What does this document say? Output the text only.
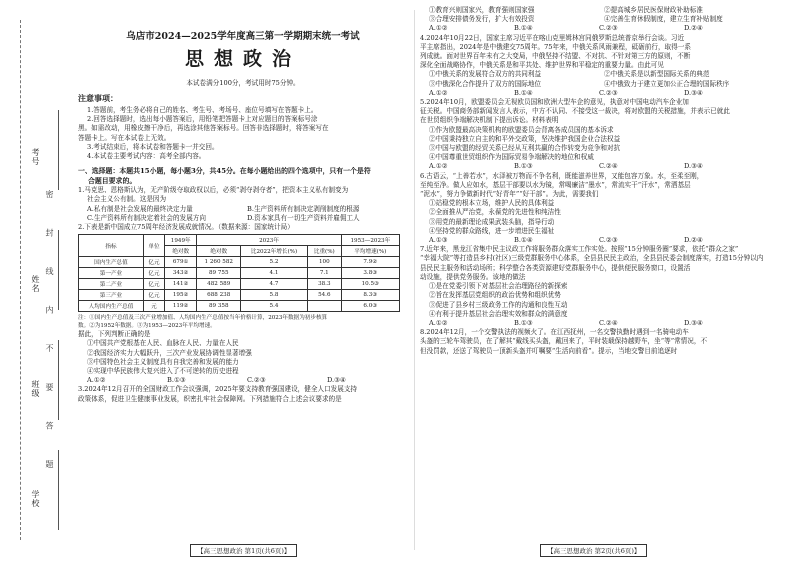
考号
姓名
班级
学校
密 封 线 内 不 要 答 题
乌店市2024—2025学年度高三第一学期期末统一考试
思想政治
本试卷满分100分，考试用时75分钟。
注意事项：

1.答题前，考生务必将自己的姓名、考生号、考场号、座位号填写在答题卡上。

2.回答选择题时，选出每小题答案后，用铅笔把答题卡上对应题目的答案标号涂

黑。如需改动，用橡皮擦干净后，再选涂其他答案标号。回答非选择题时，将答案写在

答题卡上。写在本试卷上无效。

3.考试结束后，将本试卷和答题卡一并交回。

4.本试卷主要考试内容：高考全部内容。

一、选择题：本题共15小题，每小题3分，共45分。在每小题给出的四个选项中，只有一个是符
合题目要求的。

1.马克思、恩格斯认为，无产阶级夺取政权以后，必须“剥夺剥夺者”，把资本主义私有制变为

社会主义公有制。这是因为

A.私有制是社会发展的最终决定力量	B.生产资料所有制决定剥削制度的根源

C.生产资料所有制决定着社会的发展方向	D.资本家具有一切生产资料并雇佣工人

2.下表是新中国成立75周年经济发展成就情况。（数据来源：国家统计局）

指标	单位	1949年	2023年			1953—2023年
		绝对数	绝对数	比2022年增长(%)	比重(%)	平均增速(%)
国内生产总值	亿元	679①	1 260 582	5.2	100	7.9②
第一产业	亿元	343②	89 755	4.1	7.1	3.8③
第二产业	亿元	141②	482 589	4.7	38.3	10.5③
第三产业	亿元	195②	688 238	5.8	54.6	8.3③
人均国内生产总值	元	119②	89 358	5.4		6.0③
注：①国内生产总值及三次产业增加值、人均国内生产总值按当年价格计算，2023年数据为初步核算
数。②为1952年数据。③为1953—2023年平均增速。

据此，下列判断正确的是

①中国共产党根基在人民、血脉在人民、力量在人民

②我国经济实力大幅跃升，三次产业发展协调性显著增强

③中国特色社会主义制度具有自我完善和发展的能力

④实现中华民族伟大复兴进入了不可逆转的历史进程

A.①②	B.①③	C.②③	D.③④

3.2024年12月召开的全国财政工作会议强调，2025年要支持教育强国建设，健全人口发展支持

政策体系，促进卫生健康事业发展，织密扎牢社会保障网。下列措施符合上述会议要求的是

【高三思想政治 第1页(共6页)】

①教育兴则国家兴，教育强则国家强	②提高城乡居民医保财政补助标准

③合理安排债务发行，扩大有效投资	④完善生育休假制度，建立生育补贴制度

A.①②	B.①④	C.②③	D.②④

4.2024年10月22日，国家主席习近平在喀山克里姆林宫同俄罗斯总统普京举行会谈。习近

平主席指出，2024年是中俄建交75周年。75年来，中俄关系风雨兼程，砥砺前行，取得一系

列成就。面对世界百年未有之大变局，中俄坚持不结盟、不对抗、不针对第三方的原则，不断

深化全面战略协作，中俄关系是和平共处、维护世界和平稳定的重要力量。由此可见

①中俄关系的发展符合双方的共同利益	②中俄关系是以新型国际关系的典范

③中俄深化合作提升了双方的国际地位	④中俄致力于建立更加公正合理的国际秩序

A.①②	B.①④	C.②③	D.③④

5.2024年10月，欧盟委员会无视欧员国和欧洲大型车企的意见，执意对中国电动汽车企业加

征关税。中国商务部新闻发言人表示，中方不认同、不接受这一裁决，将对欧盟的关税措施，并表示已就此

在世贸组织争端解决机制下提出诉讼。材料表明

①作为欧盟最高决策机构的欧盟委员会背离各成员国的基本诉求

②中国秉持独立自主的和平外交政策，坚决维护我国企业合法权益

③中国与欧盟的经贸关系已经从互利共赢的合作转变为竞争和对抗

④中国尊重世贸组织作为国际贸易争端解决的地位和权威

A.①②	B.①③	C.②④	D.③④

6.古语云，“上善若水”，水泽被万物而不争名利，既能滋养世界，又能包容万象。水，至柔至刚，

至纯至净。做人应如水，基层干部要以水为镜，常喝廉洁“墨水”，常流实干“汗水”，常洒基层

“泥水”，努力争做新时代“好青年”“好干部”。为此，需要我们

①站稳党的根本立场，维护人民的具体利益

②全面推从严治党，永葆党的先进性和纯洁性

③用党的最新理论成果武装头脑，指导行动

④坚持党的群众路线，进一步增进民生福祉

A.①③	B.①④	C.②③	D.②④

7.近年来，黑龙江省集中民主议政工作将服务群众落实工作实处。按照“15分钟服务圈”要求，依托“群众之家”

“幸福大院”等打造县乡村(社区)三级党群服务中心体系，全县县民民主政治，全县县民委会制度落实，打造15分钟以内

县民民主服务和活动场所；科学整合各类资源建好党群服务中心，提供便民服务窗口，设置活

动设施，提供党务服务。该地的做法

①是在党委引领下对基层社会治理路径的新探索

②旨在发挥基层党组织的政治优势和组织优势

③促进了县乡村三级政务工作的沟通和良性互动

④有利于提升基层社会治理实效和群众的满意度

A.①②	B.①③	C.②④	D.③④

8.2024年12月，一个交警执法的视频火了。在江西抚州，一名交警执勤时遇到一名骑电动车

头盔的三轮车驾驶员，在了解其“戴线买头盔，戴回来了，平时装载保持越野车，坐“等”常情况，不

但没罚款，还送了驾驶员一顶新头盔并叮嘱要“生活向前看”。提示，当地交警目前追逐时

【高三思想政治 第2页(共6页)】
